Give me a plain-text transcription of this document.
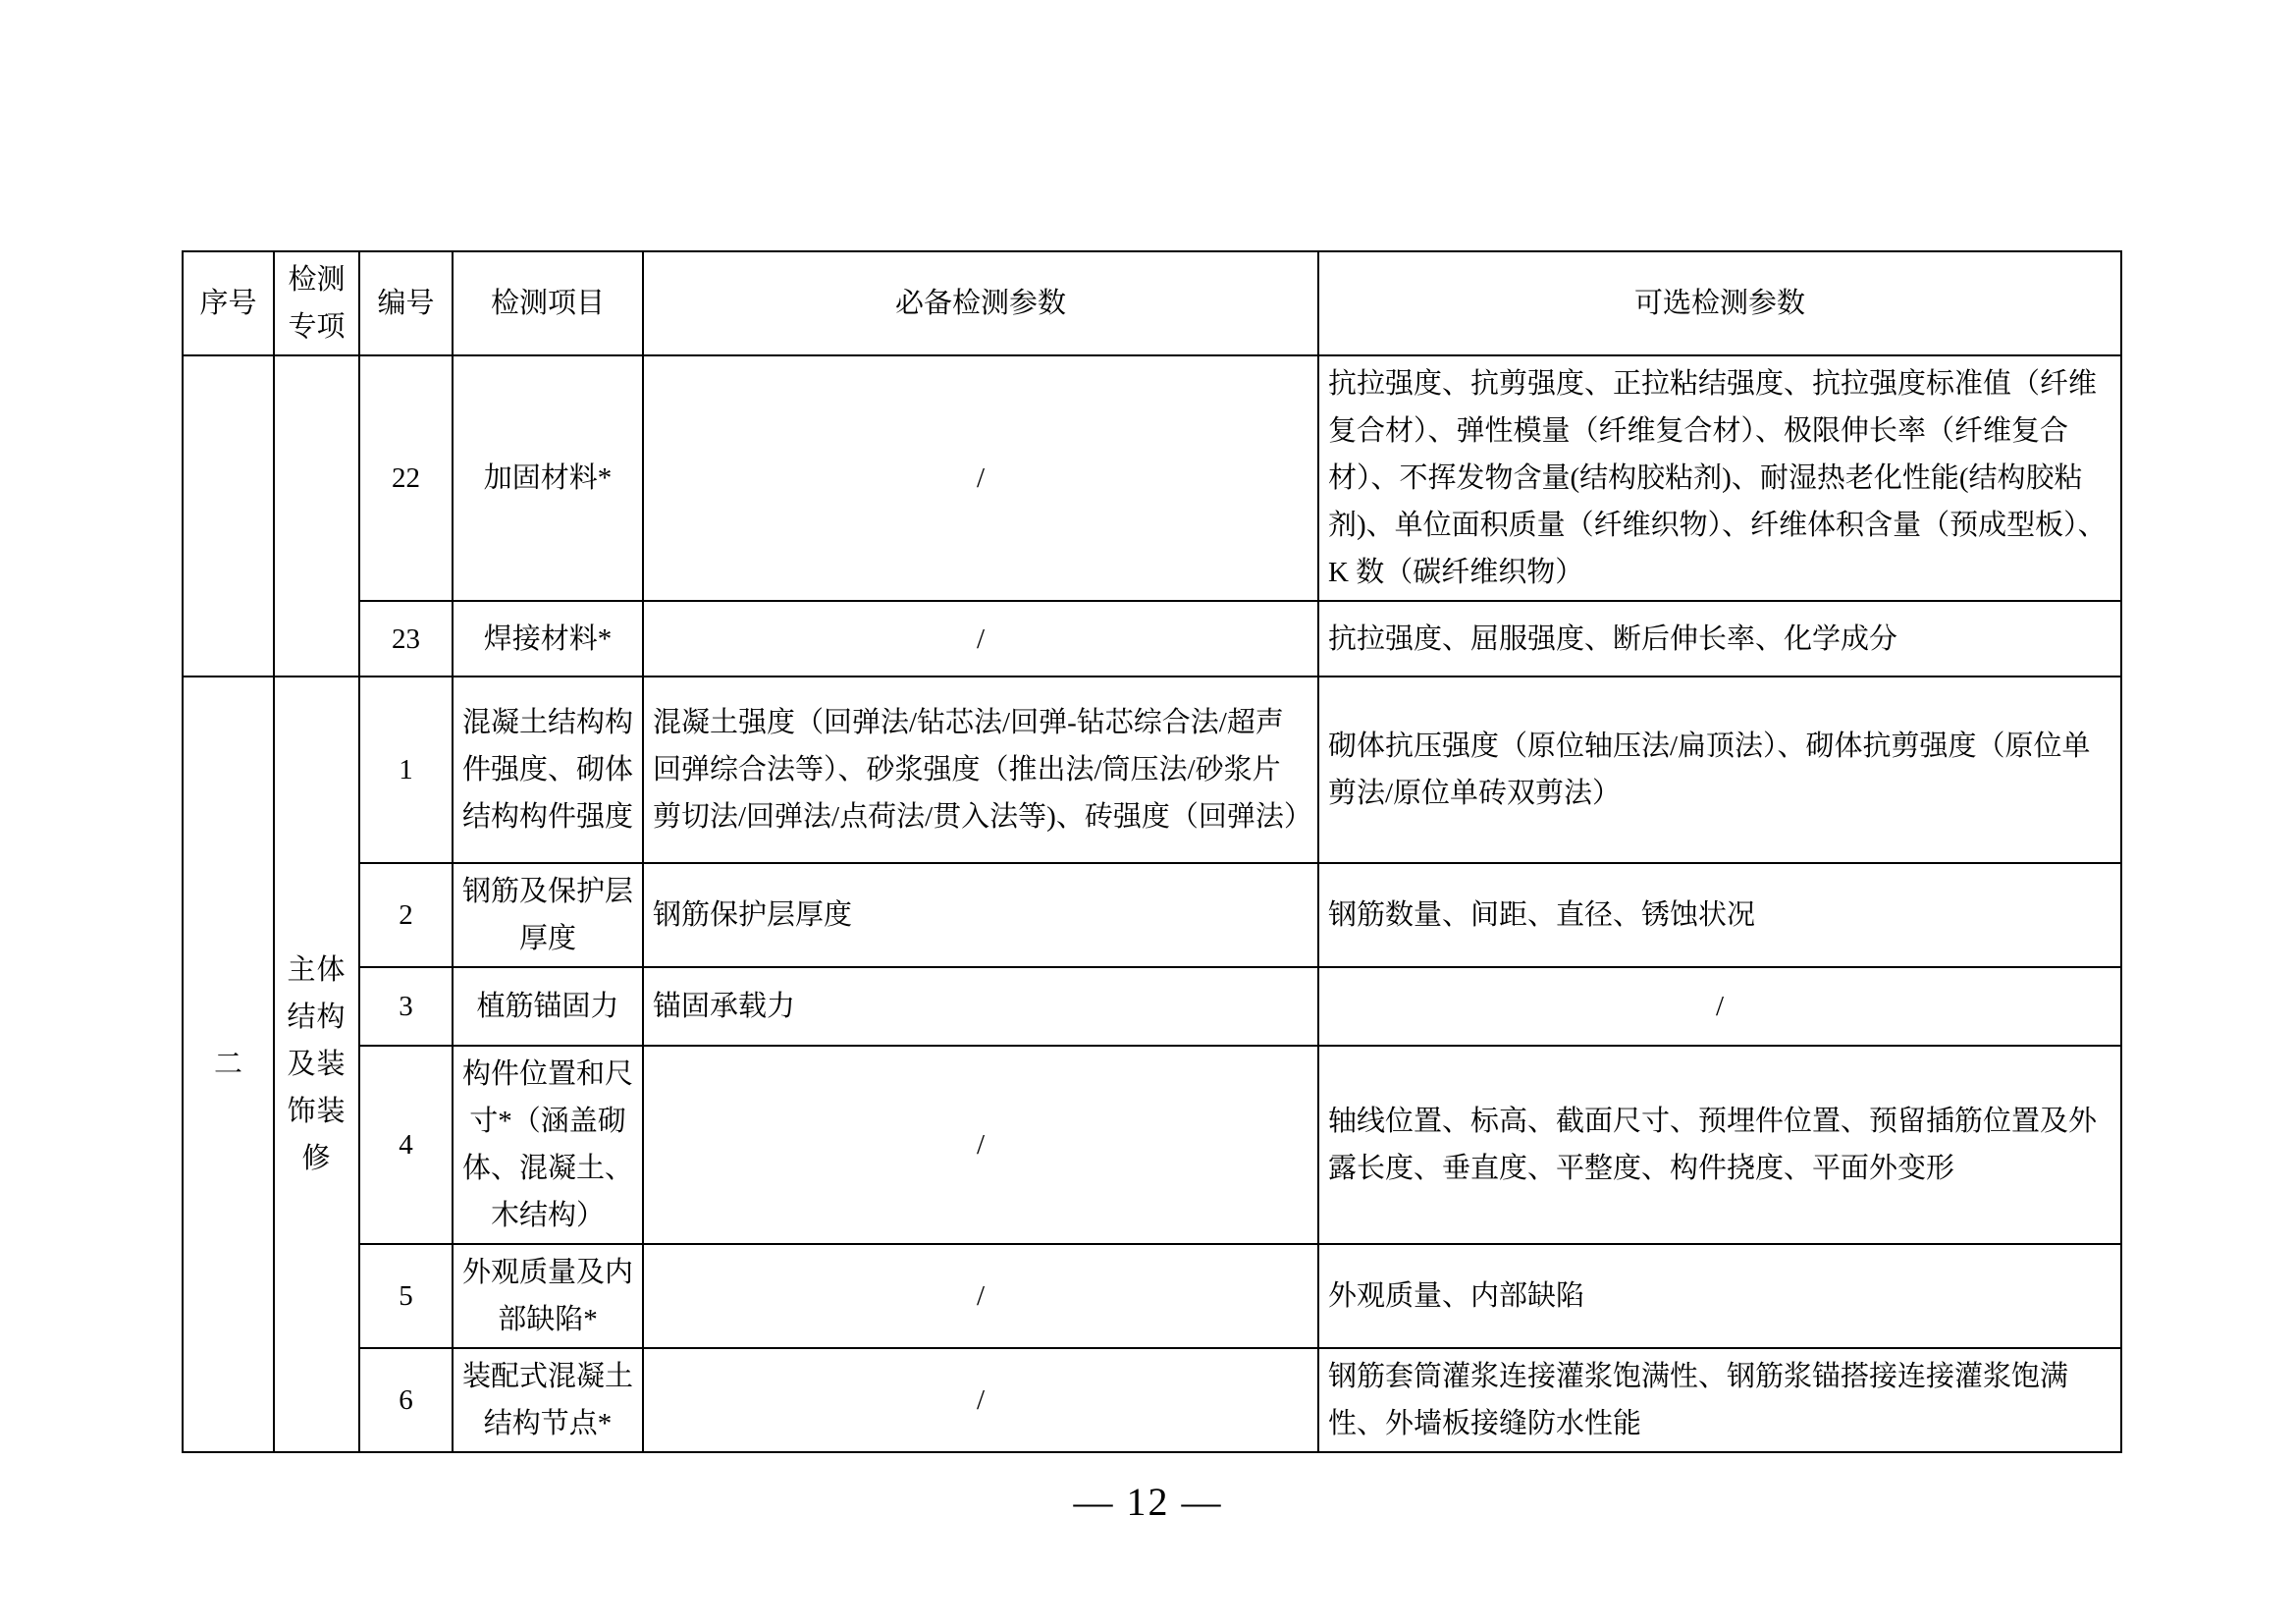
序号	检测专项	编号	检测项目	必备检测参数	可选检测参数
		22	加固材料*	/	抗拉强度、抗剪强度、正拉粘结强度、抗拉强度标准值（纤维复合材）、弹性模量（纤维复合材）、极限伸长率（纤维复合材）、不挥发物含量(结构胶粘剂)、耐湿热老化性能(结构胶粘剂)、单位面积质量（纤维织物）、纤维体积含量（预成型板）、K 数（碳纤维织物）
		23	焊接材料*	/	抗拉强度、屈服强度、断后伸长率、化学成分
二	主体结构及装饰装修	1	混凝土结构构件强度、砌体结构构件强度	混凝土强度（回弹法/钻芯法/回弹-钻芯综合法/超声回弹综合法等）、砂浆强度（推出法/筒压法/砂浆片剪切法/回弹法/点荷法/贯入法等)、砖强度（回弹法）	砌体抗压强度（原位轴压法/扁顶法）、砌体抗剪强度（原位单剪法/原位单砖双剪法）
		2	钢筋及保护层厚度	钢筋保护层厚度	钢筋数量、间距、直径、锈蚀状况
		3	植筋锚固力	锚固承载力	/
		4	构件位置和尺寸*（涵盖砌体、混凝土、木结构）	/	轴线位置、标高、截面尺寸、预埋件位置、预留插筋位置及外露长度、垂直度、平整度、构件挠度、平面外变形
		5	外观质量及内部缺陷*	/	外观质量、内部缺陷
		6	装配式混凝土结构节点*	/	钢筋套筒灌浆连接灌浆饱满性、钢筋浆锚搭接连接灌浆饱满性、外墙板接缝防水性能
— 12 —
